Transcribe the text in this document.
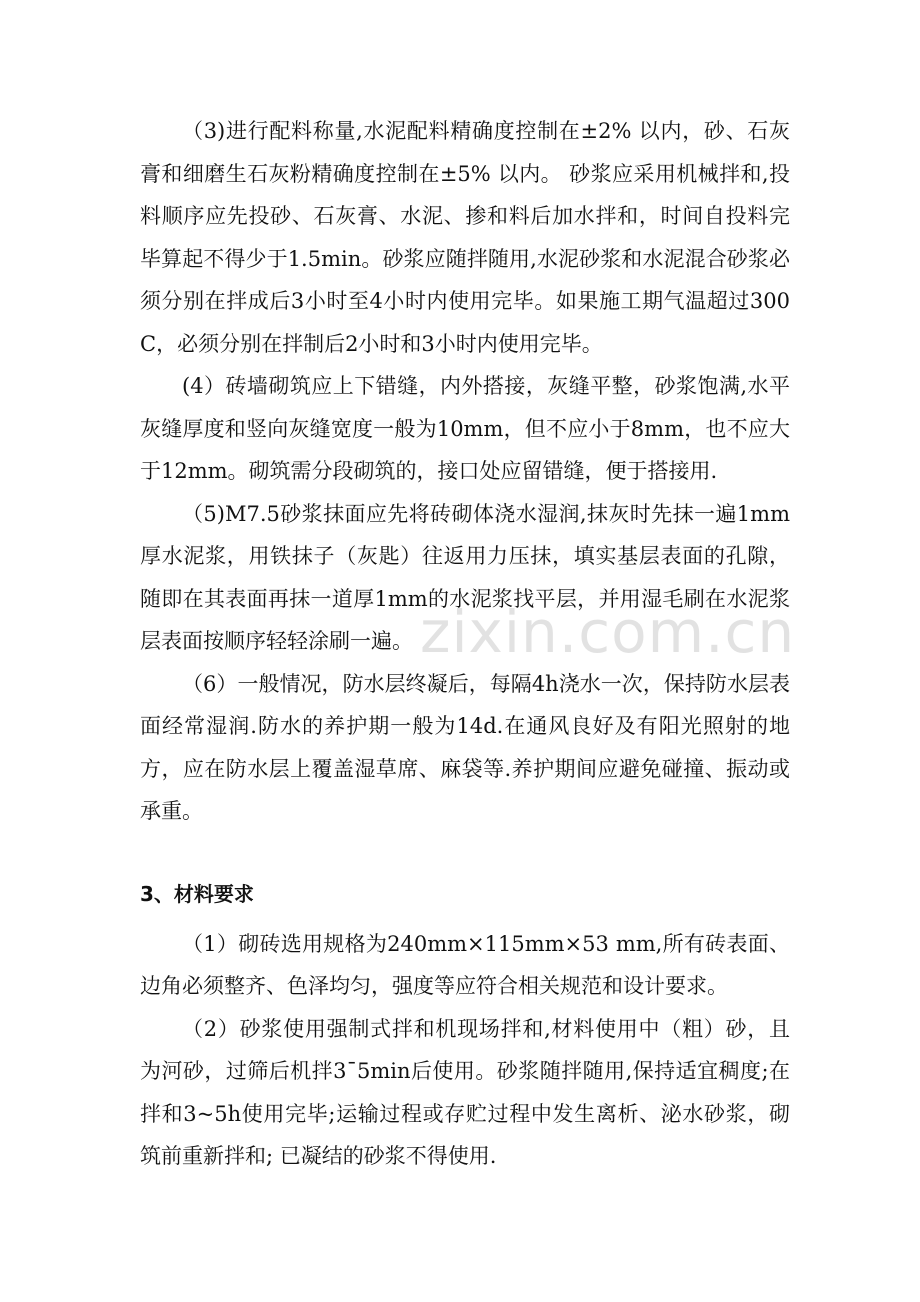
（3)进行配料称量,水泥配料精确度控制在±2% 以内，砂、石灰膏和细磨生石灰粉精确度控制在±5% 以内。 砂浆应采用机械拌和,投料顺序应先投砂、石灰膏、水泥、掺和料后加水拌和，时间自投料完毕算起不得少于1.5min。砂浆应随拌随用,水泥砂浆和水泥混合砂浆必须分别在拌成后3小时至4小时内使用完毕。如果施工期气温超过300C，必须分别在拌制后2小时和3小时内使用完毕。

(4）砖墙砌筑应上下错缝，内外搭接，灰缝平整，砂浆饱满,水平灰缝厚度和竖向灰缝宽度一般为10mm，但不应小于8mm，也不应大于12mm。砌筑需分段砌筑的，接口处应留错缝，便于搭接用.

（5)M7.5砂浆抹面应先将砖砌体浇水湿润,抹灰时先抹一遍1mm厚水泥浆，用铁抹子（灰匙）往返用力压抹，填实基层表面的孔隙，随即在其表面再抹一道厚1mm的水泥浆找平层，并用湿毛刷在水泥浆层表面按顺序轻轻涂刷一遍。

（6）一般情况，防水层终凝后，每隔4h浇水一次，保持防水层表面经常湿润.防水的养护期一般为14d.在通风良好及有阳光照射的地方，应在防水层上覆盖湿草席、麻袋等.养护期间应避免碰撞、振动或承重。

3、材料要求

（1）砌砖选用规格为240mm×115mm×53 mm,所有砖表面、边角必须整齐、色泽均匀，强度等应符合相关规范和设计要求。

（2）砂浆使用强制式拌和机现场拌和,材料使用中（粗）砂，且为河砂，过筛后机拌3¯5min后使用。砂浆随拌随用,保持适宜稠度;在拌和3~5h使用完毕;运输过程或存贮过程中发生离析、泌水砂浆，砌筑前重新拌和; 已凝结的砂浆不得使用.

zixin.com.cn
